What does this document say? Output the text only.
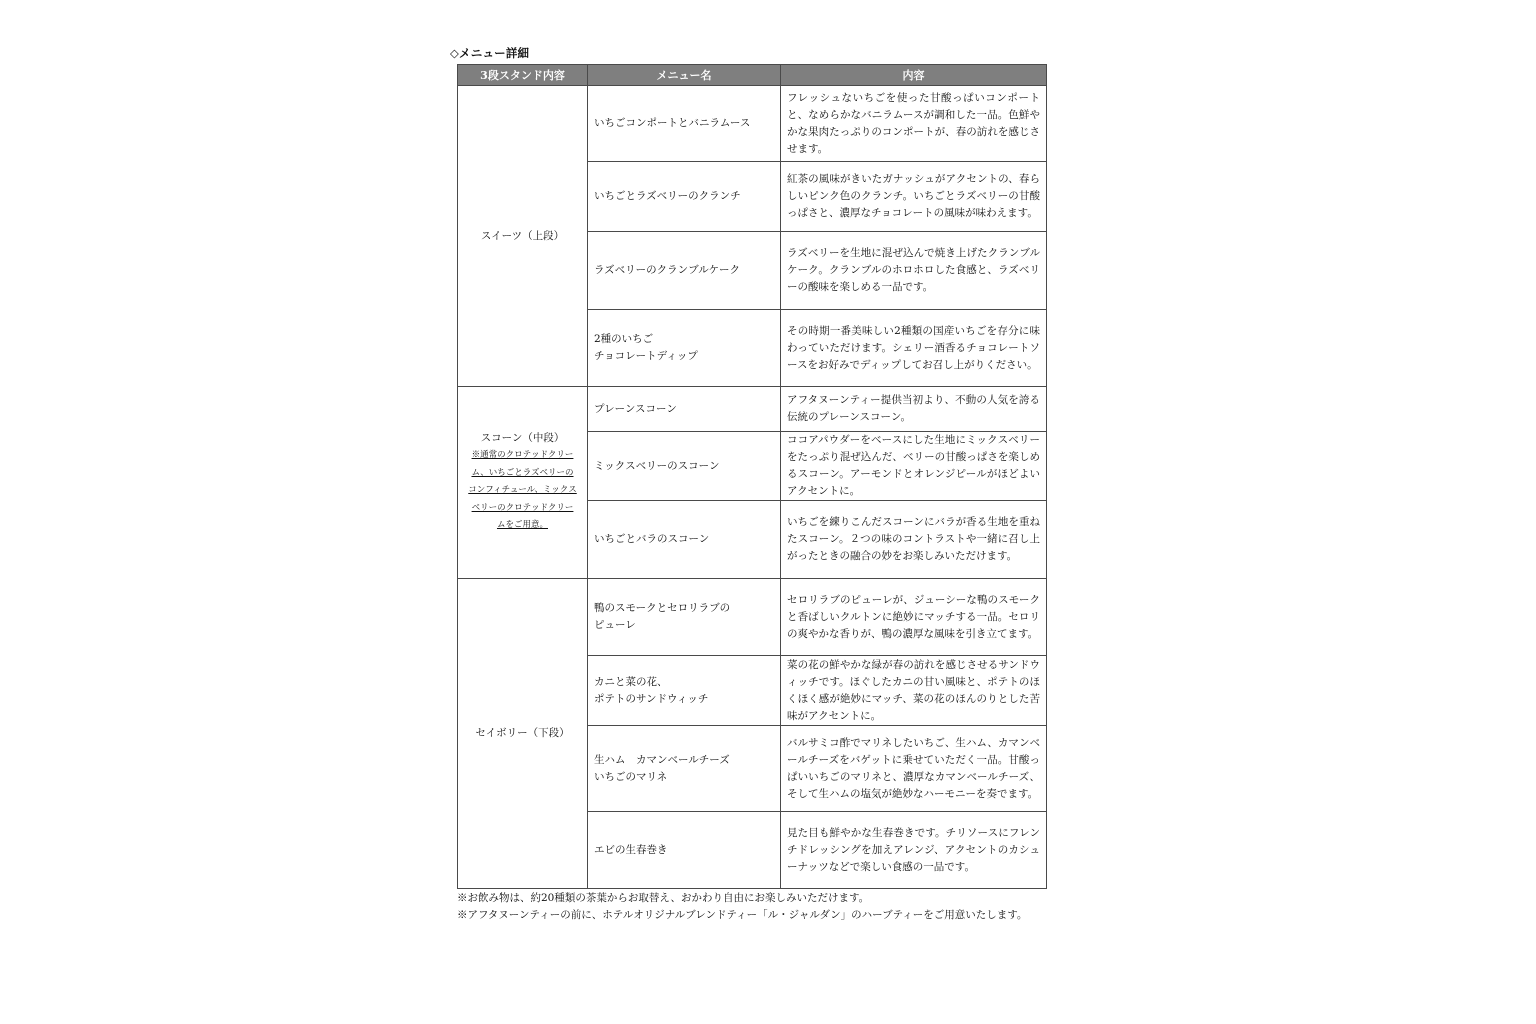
◇メニュー詳細
3段スタンド内容	メニュー名	内容

スイーツ（上段）	いちごコンポートとバニラムース	フレッシュないちごを使った甘酸っぱいコンポートと、なめらかなバニラムースが調和した一品。色鮮やかな果肉たっぷりのコンポートが、春の訪れを感じさせます。
	いちごとラズベリーのクランチ	紅茶の風味がきいたガナッシュがアクセントの、春らしいピンク色のクランチ。いちごとラズベリーの甘酸っぱさと、濃厚なチョコレートの風味が味わえます。
	ラズベリーのクランブルケーク	ラズベリーを生地に混ぜ込んで焼き上げたクランブルケーク。クランブルのホロホロした食感と、ラズベリーの酸味を楽しめる一品です。
	2種のいちご
チョコレートディップ	その時期一番美味しい2種類の国産いちごを存分に味わっていただけます。シェリー酒香るチョコレートソースをお好みでディップしてお召し上がりください。

スコーン（中段）
※通常のクロテッドクリーム、いちごとラズベリーのコンフィチュール、ミックスベリーのクロテッドクリームをご用意。	プレーンスコーン	アフタヌーンティー提供当初より、不動の人気を誇る伝統のプレーンスコーン。
	ミックスベリーのスコーン	ココアパウダーをベースにした生地にミックスベリーをたっぷり混ぜ込んだ、ベリーの甘酸っぱさを楽しめるスコーン。アーモンドとオレンジピールがほどよいアクセントに。
	いちごとバラのスコーン	いちごを練りこんだスコーンにバラが香る生地を重ねたスコーン。２つの味のコントラストや一緒に召し上がったときの融合の妙をお楽しみいただけます。

セイボリー（下段）	鴨のスモークとセロリラブの
ピューレ	セロリラブのピューレが、ジューシーな鴨のスモークと香ばしいクルトンに絶妙にマッチする一品。セロリの爽やかな香りが、鴨の濃厚な風味を引き立てます。
	カニと菜の花、
ポテトのサンドウィッチ	菜の花の鮮やかな緑が春の訪れを感じさせるサンドウィッチです。ほぐしたカニの甘い風味と、ポテトのほくほく感が絶妙にマッチ、菜の花のほんのりとした苦味がアクセントに。
	生ハム　カマンベールチーズ
いちごのマリネ	バルサミコ酢でマリネしたいちご、生ハム、カマンベールチーズをバゲットに乗せていただく一品。甘酸っぱいいちごのマリネと、濃厚なカマンベールチーズ、そして生ハムの塩気が絶妙なハーモニーを奏でます。
	エビの生春巻き	見た目も鮮やかな生春巻きです。チリソースにフレンチドレッシングを加えアレンジ、アクセントのカシューナッツなどで楽しい食感の一品です。
※お飲み物は、約20種類の茶葉からお取替え、おかわり自由にお楽しみいただけます。
※アフタヌーンティーの前に、ホテルオリジナルブレンドティー「ル・ジャルダン」のハーブティーをご用意いたします。
